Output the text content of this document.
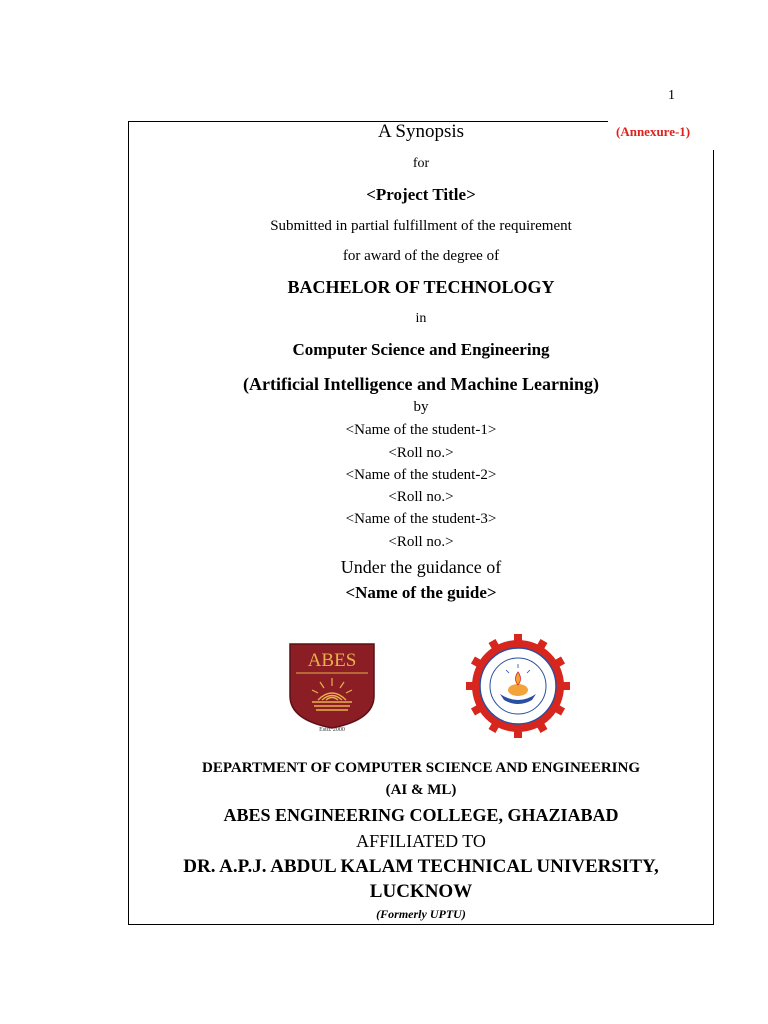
1
(Annexure-1)
A Synopsis
for
<Project Title>
Submitted in partial fulfillment of the requirement
for award of the degree of
BACHELOR OF TECHNOLOGY
in
Computer Science and Engineering
(Artificial Intelligence and Machine Learning)
by
<Name of the student-1>
<Roll no.>
<Name of the student-2>
<Roll no.>
<Name of the student-3>
<Roll no.>
Under the guidance of
<Name of the guide>
ABES
Estd. 2000
DEPARTMENT OF COMPUTER SCIENCE AND ENGINEERING
(AI & ML)
ABES ENGINEERING COLLEGE, GHAZIABAD
AFFILIATED TO
DR. A.P.J. ABDUL KALAM TECHNICAL UNIVERSITY,
LUCKNOW
(Formerly UPTU)
